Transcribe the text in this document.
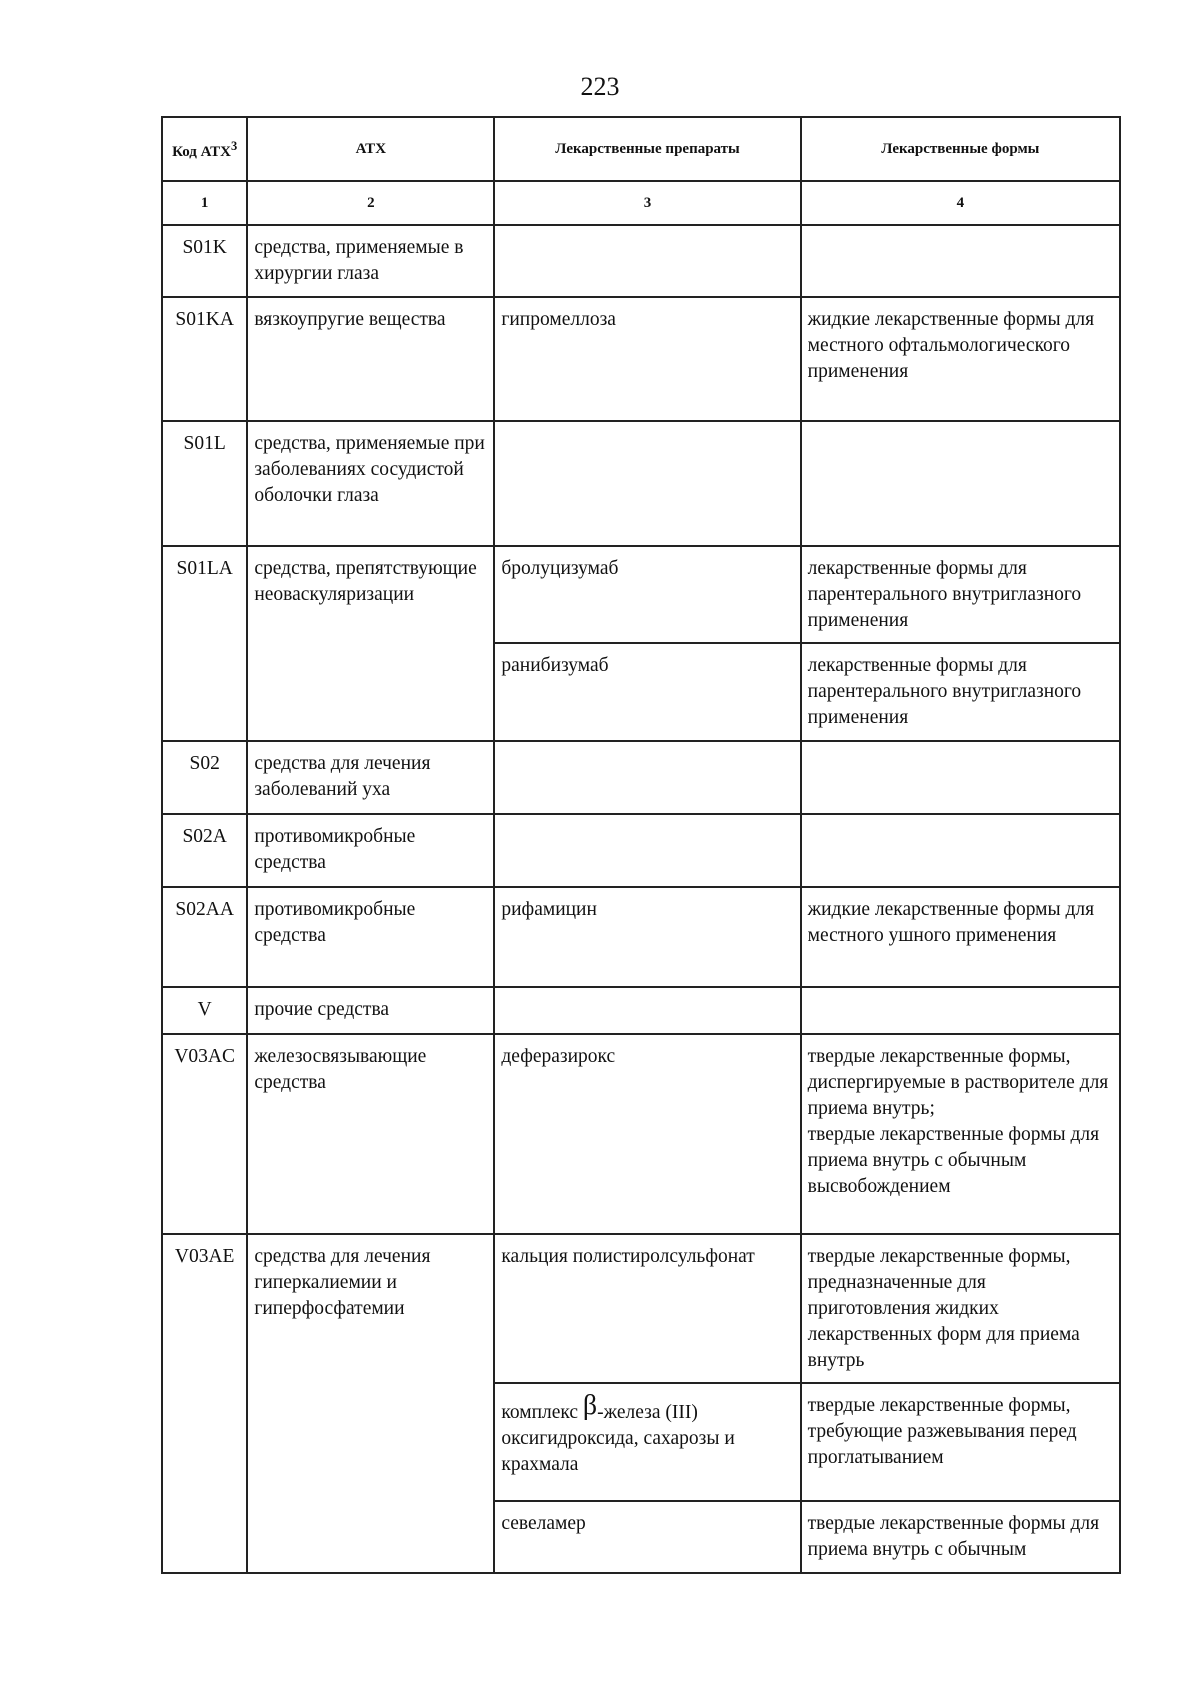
223
Код АТХ$^3$	АТХ	Лекарственные препараты	Лекарственные формы
1	2	3	4
S01K	средства, применяемые в хирургии глаза		
S01KA	вязкоупругие вещества	гипромеллоза	жидкие лекарственные формы для местного офтальмологического применения
S01L	средства, применяемые при заболеваниях сосудистой оболочки глаза		
S01LA	средства, препятствующие неоваскуляризации	бролуцизумаб	лекарственные формы для парентерального внутриглазного применения
		ранибизумаб	лекарственные формы для парентерального внутриглазного применения
S02	средства для лечения заболеваний уха		
S02A	противомикробные средства		
S02AA	противомикробные средства	рифамицин	жидкие лекарственные формы для местного ушного применения
V	прочие средства		
V03AC	железосвязывающие средства	деферазирокс	твердые лекарственные формы, диспергируемые в растворителе для приема внутрь;
твердые лекарственные формы для приема внутрь с обычным высвобождением
V03AE	средства для лечения гиперкалиемии и гиперфосфатемии	кальция полистиролсульфонат	твердые лекарственные формы, предназначенные для приготовления жидких лекарственных форм для приема внутрь
		комплекс β-железа (III) оксигидроксида, сахарозы и крахмала	твердые лекарственные формы, требующие разжевывания перед проглатыванием
		севеламер	твердые лекарственные формы для приема внутрь с обычным
